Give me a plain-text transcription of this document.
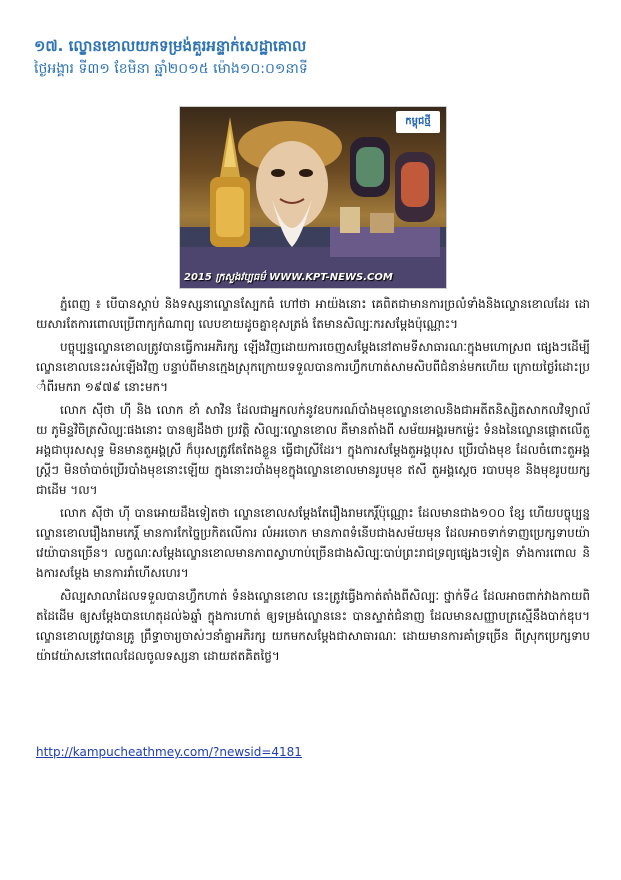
១៧. ល្ខោនខោលយកទម្រង់គួរអន្ទាក់សេដ្ឋាគោល
ថ្ងៃអង្គារ ទី៣១ ខែមិនា ឆ្នាំ២០១៥ ម៉ោង១០:០១នាទី
កម្ពុជថ្មី
2015 ក្រសួងវប្បធម៌ WWW.KPT-NEWS.COM

ភ្នំពេញ ៖ បើបានស្តាប់ និងទស្សនាល្ខោនស្បែកធំ ហៅថា អាយ៉ងនោះ គេពិតជាមានការច្រលំទាំងនិងល្ខោនខោលដែរ ដោយសារតែការពោលប្រើពាក្យកំណាព្យ លេបខាយដូចគ្នាខុសត្រង់ តែមានសិល្បៈករសម្តែងប៉ុណ្ណោះ។

បច្ចុប្បន្នល្ខោនខោលត្រូវបានធ្វើការអភិរក្ស ឡើងវិញដោយការចេញសម្តែងនៅតាមទីសាធារណៈក្នុងមហោស្រព ផ្សេងៗដើម្បីល្ខោនខោលនេះរស់ឡើងវិញ បន្ទាប់ពីមានក្មេងស្រុកក្រោយទទួលបានការហ្វឹកហាត់សាមសិបពីជំនាន់មកហើយ ក្រោយថ្ងៃរំដោះប្រាំពីរមករា ១៩៧៩ នោះមក។

លោក ស៊ីថា ហ៊ី និង លោក ខាំ សាវិន ដែលជាអ្នកលក់នូវឧបករណ៍បាំងមុខល្ខោនខោលនិងជាអតីតនិស្សិតសាកលវិទ្យាល័យ ភូមិន្ទវិចិត្រសិល្បៈផងនោះ បានឲ្យដឹងថា ប្រវត្តិ សិល្បៈល្ខោនខោល គឺមានតាំងពី សម័យអង្គរមកម្ល៉េះ ទំនងនៃល្ខោនផ្តោតលើតួអង្គជាបុរសសុទ្ធ មិនមានតួអង្គស្រី ក៏បុរសត្រូវតែតែងខ្លួន ធ្វើជាស្រីដែរ។ ក្នុងការសម្តែងតួអង្គបុរស ប្រើរបាំងមុខ ដែលចំពោះតួអង្គស្ត្រីៗ មិនចាំបាច់ប្រើរបាំងមុខនោះឡើយ ក្នុងនោះរបាំងមុខក្នុងល្ខោនខោលមានរូបមុខ ឥសី តួអង្គស្តេច របាបមុខ និងមុខរូបយក្សជាដើម ។ល។

លោក ស៊ីថា ហ៊ី បានអោយដឹងទៀតថា ល្ខោនខោលសម្តែងតែរឿងរាមកេរ្តិ៍ប៉ុណ្ណោះ ដែលមានជាង១០០ ខ្សែ ហើយបច្ចុប្បន្នល្ខោនខោលរឿងរាមកេរ្តិ៍ មានការកែច្នៃប្រកិតលើការ លំអរចោក មានភាពទំនើបជាងសម័យមុន ដែលអាចទាក់ទាញប្រេក្សទាបយ៉ាវេយ៉ាបានច្រើន។ លក្ខណៈសម្តែងល្ខោនខោលមានភាពស្វាហាប់ច្រើនជាងសិល្បៈបាប់ព្រះរាជទ្រព្យផ្សេងៗទៀត ទាំងការពោល និងការសម្តែង មានការរាំហើសហេរ។

សិល្បសាលាដែលទទួលបានហ្វឹកហាត់ ទំនងល្ខោនខោល នេះត្រូវធ្វើងកាត់តាំងពីសិល្បៈ ថ្នាក់ទី៤ ដែលអាចពាក់វាងកាយពិតដៃដើម ឲ្យសម្តែងបានហេតុដល់៦ឆ្នាំ ក្នុងការហាត់ ឲ្យទម្រង់ល្ខោននេះ បានស្ទាត់ជំនាញ ដែលមានសញ្ញាបត្រស្មើនឹងបាក់ឌុប។ ល្ខោនខោលត្រូវបានគ្រូ ព្រឹទ្ធាចារ្យចាស់ៗនាំគ្នាអភិរក្ស យកមកសម្តែងជាសាធារណៈ ដោយមានការគាំទ្រច្រើន ពីស្រុកប្រេក្សទាបយ៉ាវេយ៉ាសនៅពេលដែលចូលទស្សនា ដោយឥតគិតថ្លៃ។

http://kampucheathmey.com/?newsid=4181
